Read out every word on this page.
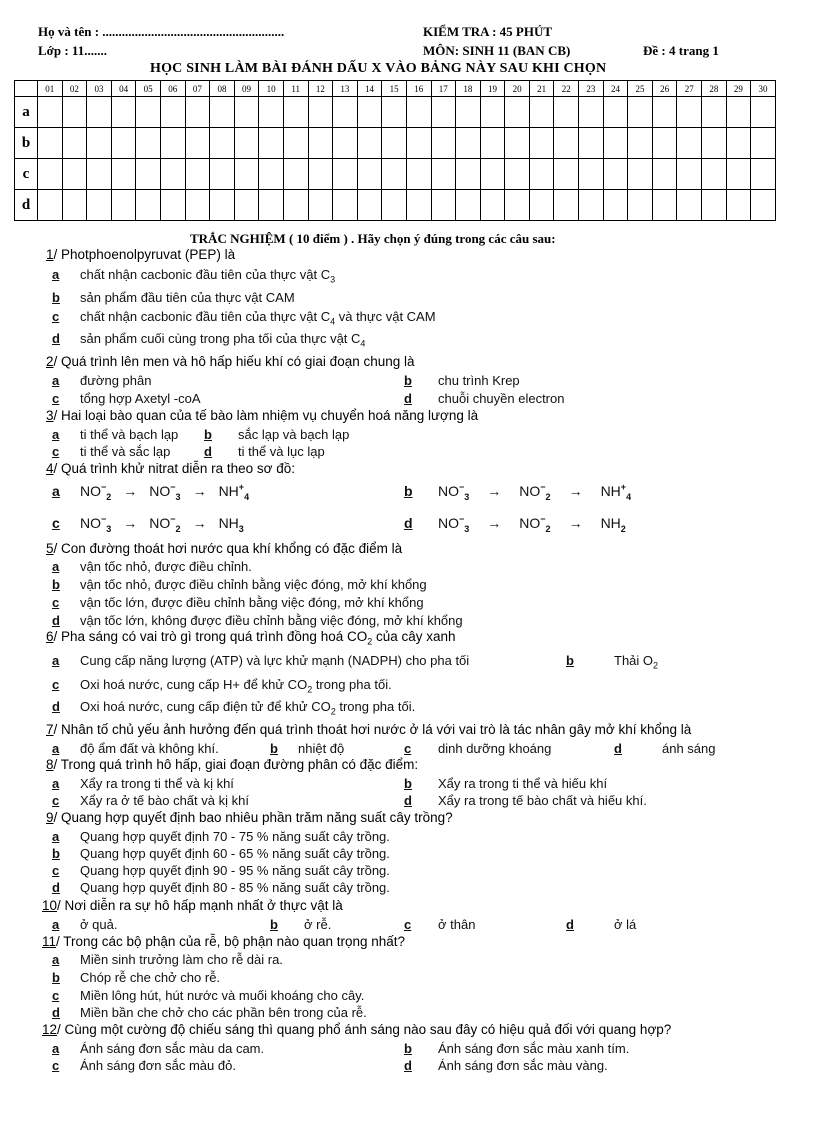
Họ và tên : ........................................................
Lớp : 11.......
KIỂM TRA : 45 PHÚT
MÔN: SINH 11 (BAN CB)	Đề : 4 trang 1
HỌC SINH LÀM BÀI ĐÁNH DẤU X VÀO BẢNG NÀY SAU KHI CHỌN
	01	02	03	04	05	06	07	08	09	10	11	12	13	14	15	16	17	18	19	20	21	22	23	24	25	26	27	28	29	30
a																														
b																														
c																														
d																														
TRẮC NGHIỆM ( 10 điểm ) . Hãy chọn ý đúng trong các câu sau:
1/ Photphoenolpyruvat (PEP) là
a chất nhận cacbonic đầu tiên của thực vật $C_3$
b sản phẩm đầu tiên của thực vật CAM
c chất nhận cacbonic đầu tiên của thực vật $C_4$ và thực vật CAM
d sản phẩm cuối cùng trong pha tối của thực vật $C_4$
2/ Quá trình lên men và hô hấp hiếu khí có giai đoạn chung là
a đường phân	b chu trình Krep
c tổng hợp Axetyl -coA	d chuỗi chuyền electron
3/ Hai loại bào quan của tế bào làm nhiệm vụ chuyển hoá năng lượng là
a ti thể và bạch lạp b sắc lạp và bạch lạp
c ti thể và sắc lạp	d ti thể và lục lạp
4/ Quá trình khử nitrat diễn ra theo sơ đồ:
a $NO^-_2 \to NO^-_3 \to NH^+_4$	b $NO^-_3 \to NO^-_2 \to NH^+_4$
c $NO^-_3 \to NO^-_2 \to NH_3$	d $NO^-_3 \to NO^-_2 \to NH_2$
5/ Con đường thoát hơi nước qua khí khổng có đặc điểm là
a vận tốc nhỏ, được điều chỉnh.
b vận tốc nhỏ, được điều chỉnh bằng việc đóng, mở khí khổng
c vận tốc lớn, được điều chỉnh bằng việc đóng, mở khí khổng
d vận tốc lớn, không được điều chỉnh bằng việc đóng, mở khí khổng
6/ Pha sáng có vai trò gì trong quá trình đồng hoá $CO_2$ của cây xanh
a Cung cấp năng lượng (ATP) và lực khử mạnh (NADPH) cho pha tối	b	Thải $O_2$
c Oxi hoá nước, cung cấp H+ để khử $CO_2$ trong pha tối.
d Oxi hoá nước, cung cấp điện tử để khử $CO_2$ trong pha tối.
7/ Nhân tố chủ yếu ảnh hưởng đến quá trình thoát hơi nước ở lá với vai trò là tác nhân gây mở khí khổng là
a độ ẩm đất và không khí.	b nhiệt độ	c dinh dưỡng khoáng	d	ánh sáng
8/ Trong quá trình hô hấp, giai đoạn đường phân có đặc điểm:
a Xẩy ra trong ti thể và kị khí	b Xẩy ra trong ti thể và hiếu khí
c Xẩy ra ở tế bào chất và kị khí	d Xẩy ra trong tế bào chất và hiếu khí.
9/ Quang hợp quyết định bao nhiêu phần trăm năng suất cây trồng?
a Quang hợp quyết định 70 - 75 % năng suất cây trồng.
b Quang hợp quyết định 60 - 65 % năng suất cây trồng.
c Quang hợp quyết định 90 - 95 % năng suất cây trồng.
d Quang hợp quyết định 80 - 85 % năng suất cây trồng.
10/ Nơi diễn ra sự hô hấp mạnh nhất ở thực vật là
a ở quả.	b ở rễ.	c ở thân	d	ở lá
11/ Trong các bộ phận của rễ, bộ phận nào quan trọng nhất?
a Miền sinh trưởng làm cho rễ dài ra.
b Chóp rễ che chở cho rễ.
c Miền lông hút, hút nước và muối khoáng cho cây.
d Miền bần che chở cho các phần bên trong của rễ.
12/ Cùng một cường độ chiếu sáng thì quang phổ ánh sáng nào sau đây có hiệu quả đối với quang hợp?
a Ánh sáng đơn sắc màu da cam.	b Ánh sáng đơn sắc màu xanh tím.
c Ánh sáng đơn sắc màu đỏ.	d Ánh sáng đơn sắc màu vàng.
